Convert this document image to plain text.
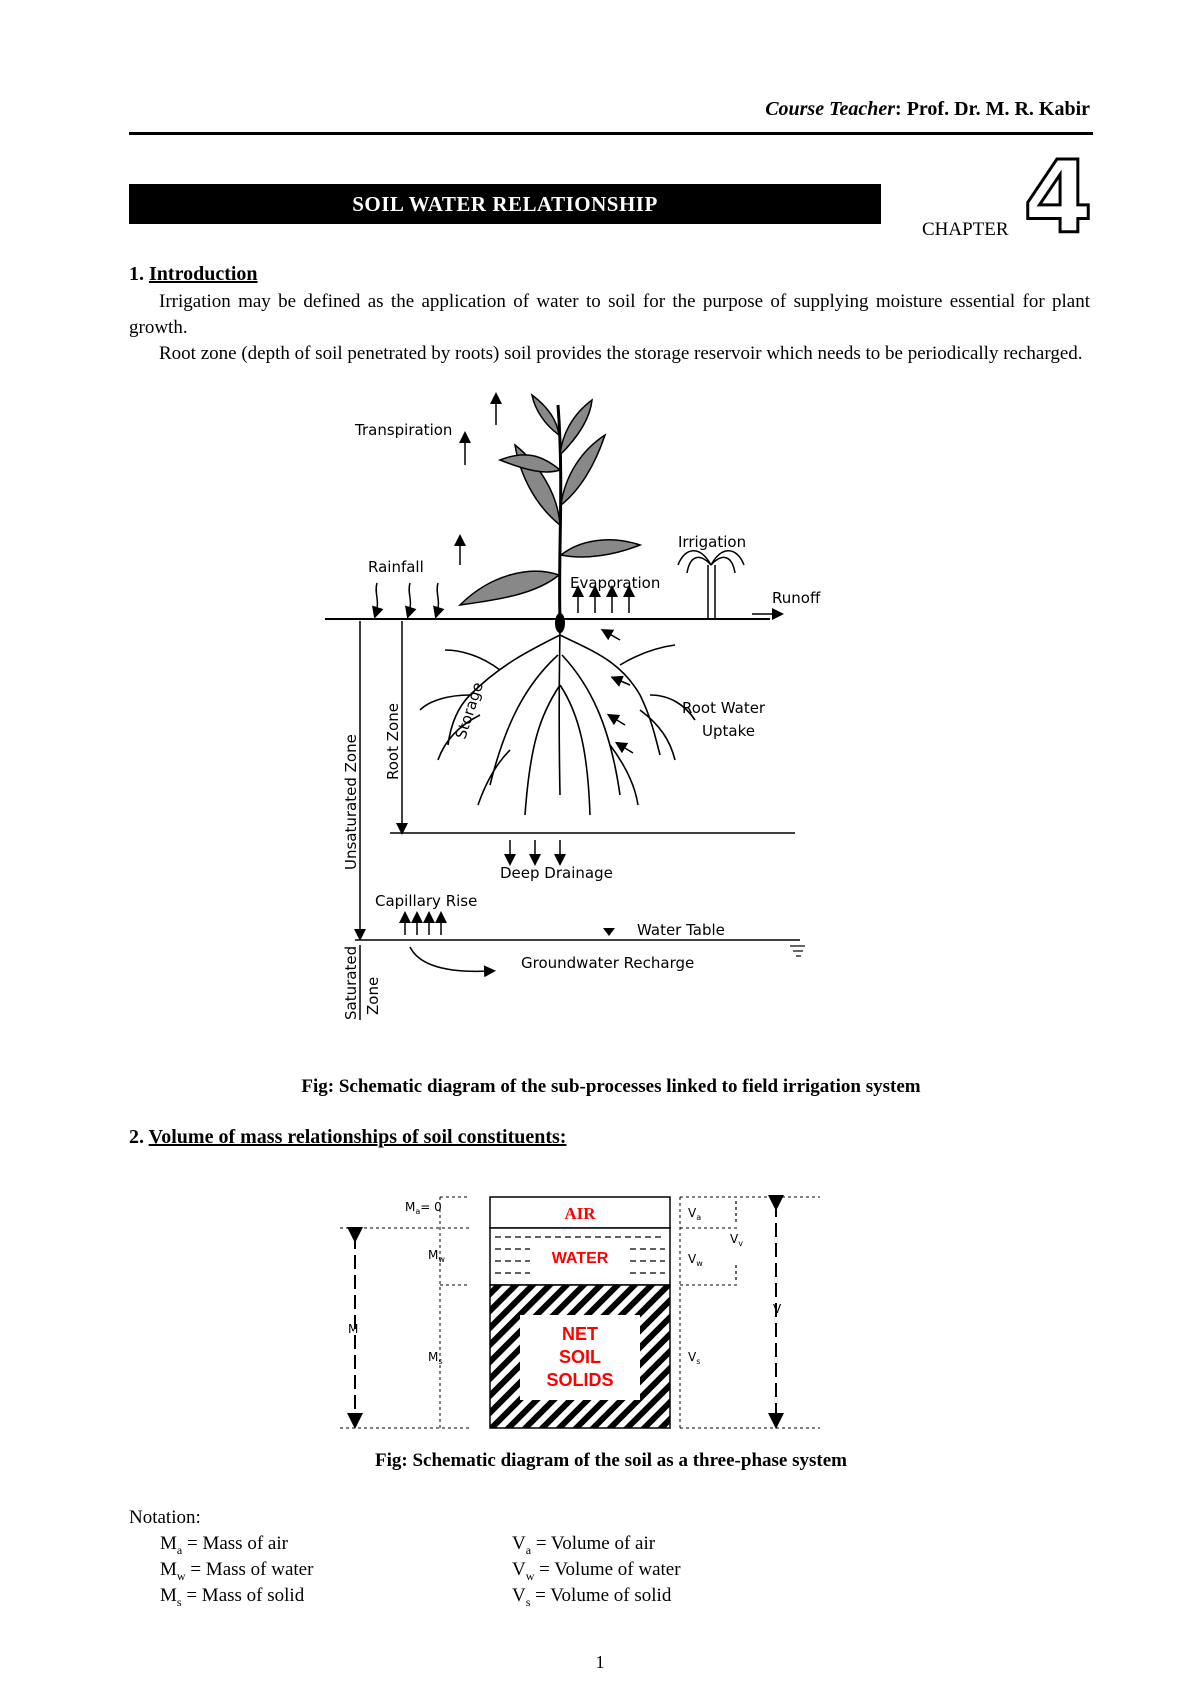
Course Teacher: Prof. Dr. M. R. Kabir
SOIL WATER RELATIONSHIP
CHAPTER 4
1. Introduction
Irrigation may be defined as the application of water to soil for the purpose of supplying moisture essential for plant growth.
Root zone (depth of soil penetrated by roots) soil provides the storage reservoir which needs to be periodically recharged.
Transpiration
Irrigation
Rainfall
Evaporation
Runoff
Root Water
Uptake
Deep Drainage
Capillary Rise
Water Table
Groundwater Recharge
Storage
Root Zone
Unsaturated Zone
Saturated Zone
Fig: Schematic diagram of the sub-processes linked to field irrigation system
2. Volume of mass relationships of soil constituents:
AIR
WATER
NET
SOIL
SOLIDS
$M_a= 0$
$M_w$
$M_s$
M
$V_a$
$V_v$
$V_w$
$V_s$
V
Fig: Schematic diagram of the soil as a three-phase system
Notation:
$M_a$ = Mass of air
$M_w$ = Mass of water
$M_s$ = Mass of solid
$V_a$ = Volume of air
$V_w$ = Volume of water
$V_s$ = Volume of solid
1
